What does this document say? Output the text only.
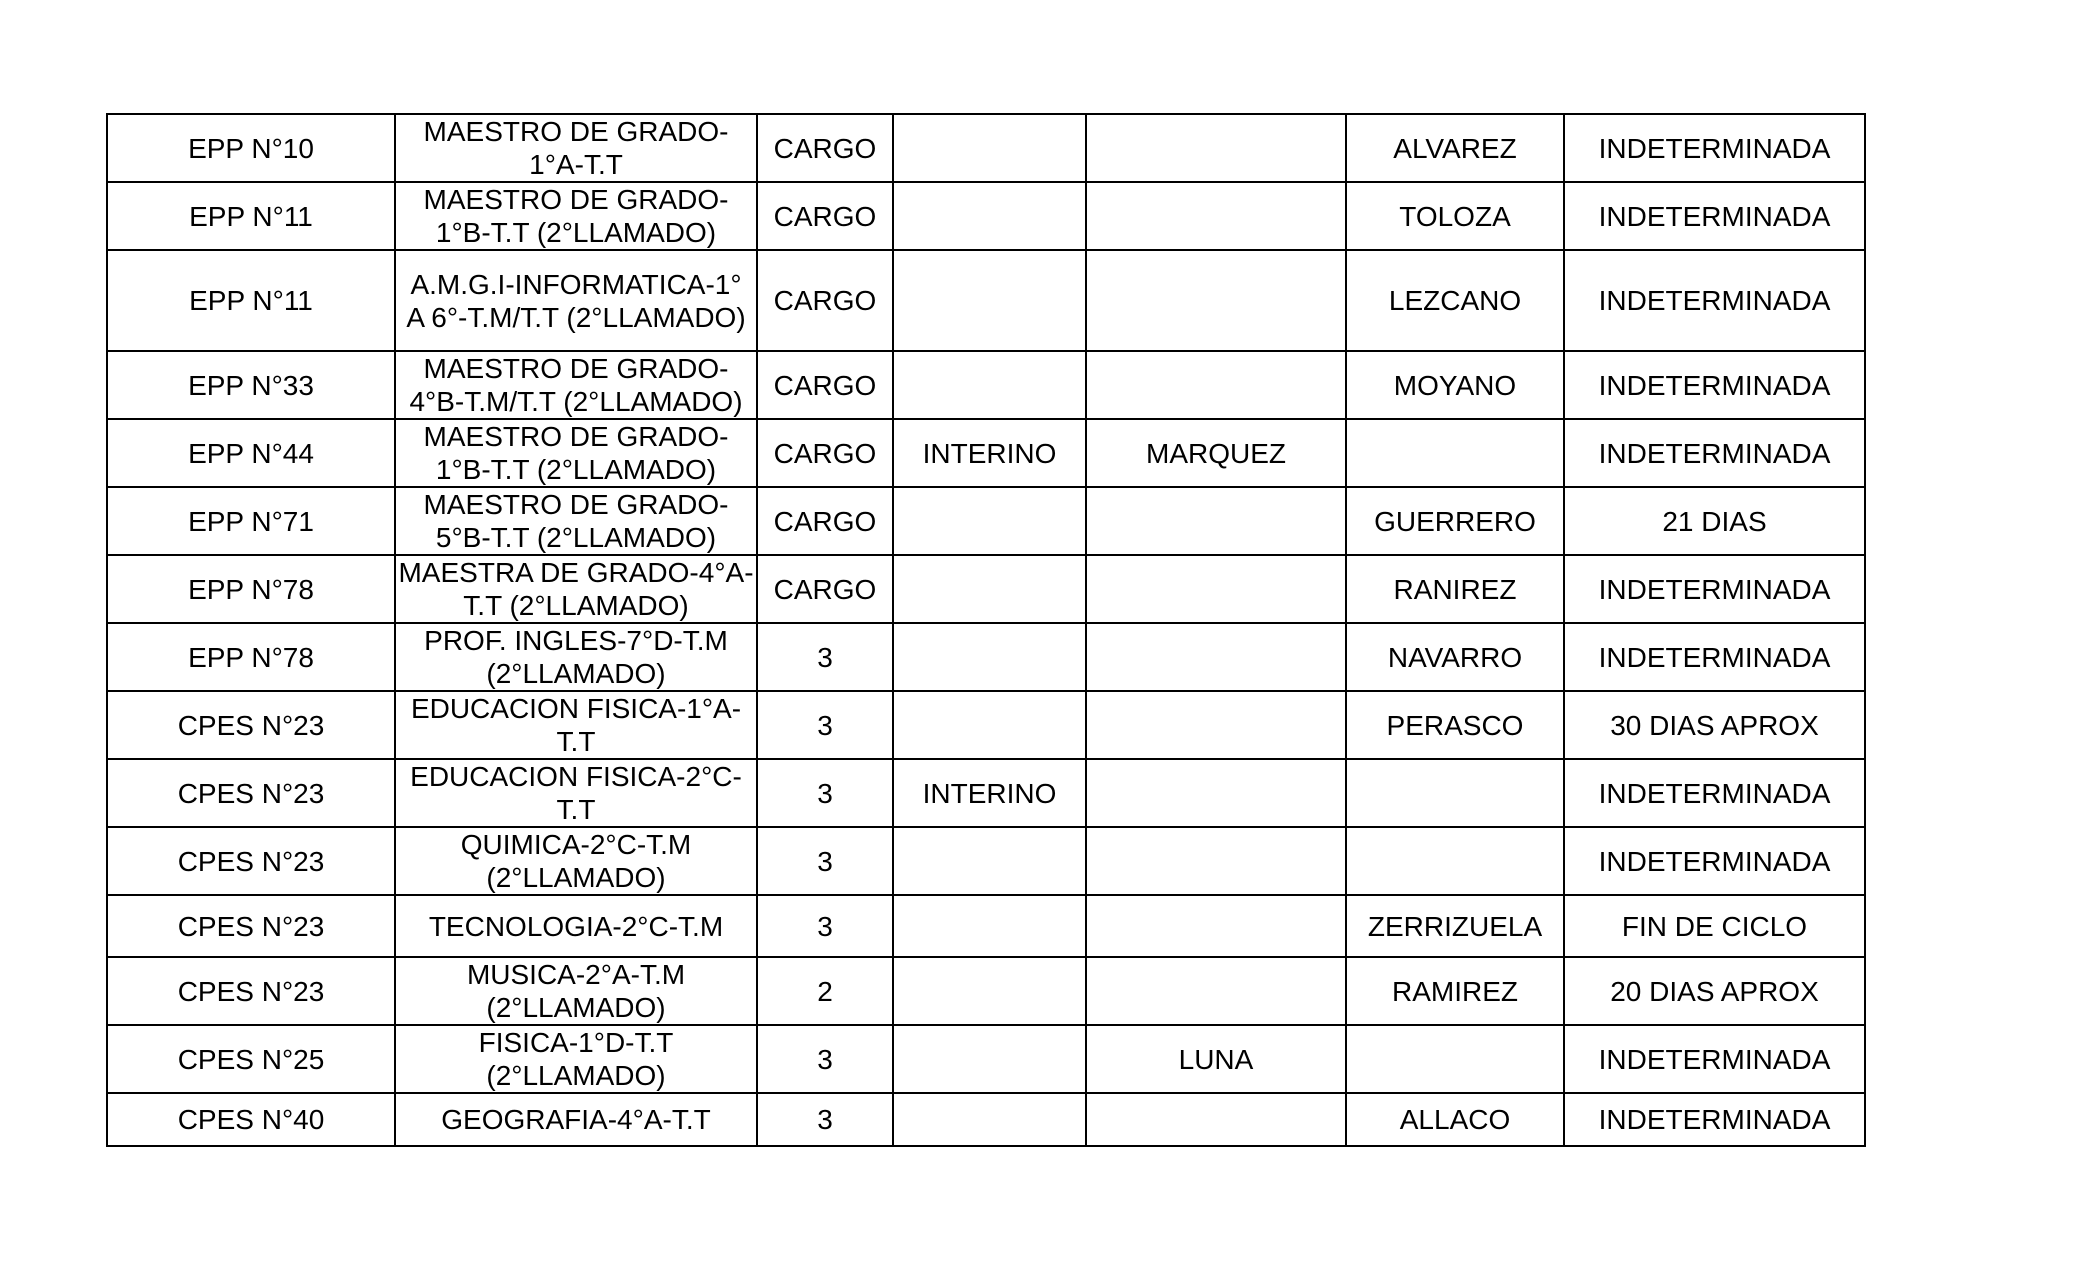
EPP N°10	MAESTRO DE GRADO-1°A-T.T	CARGO			ALVAREZ	INDETERMINADA
EPP N°11	MAESTRO DE GRADO-1°B-T.T (2°LLAMADO)	CARGO			TOLOZA	INDETERMINADA
EPP N°11	A.M.G.I-INFORMATICA-1° A 6°-T.M/T.T (2°LLAMADO)	CARGO			LEZCANO	INDETERMINADA
EPP N°33	MAESTRO DE GRADO-4°B-T.M/T.T (2°LLAMADO)	CARGO			MOYANO	INDETERMINADA
EPP N°44	MAESTRO DE GRADO-1°B-T.T (2°LLAMADO)	CARGO	INTERINO	MARQUEZ		INDETERMINADA
EPP N°71	MAESTRO DE GRADO-5°B-T.T (2°LLAMADO)	CARGO			GUERRERO	21 DIAS
EPP N°78	MAESTRA DE GRADO-4°A-T.T (2°LLAMADO)	CARGO			RANIREZ	INDETERMINADA
EPP N°78	PROF. INGLES-7°D-T.M (2°LLAMADO)	3			NAVARRO	INDETERMINADA
CPES N°23	EDUCACION FISICA-1°A-T.T	3			PERASCO	30 DIAS APROX
CPES N°23	EDUCACION FISICA-2°C-T.T	3	INTERINO			INDETERMINADA
CPES N°23	QUIMICA-2°C-T.M (2°LLAMADO)	3				INDETERMINADA
CPES N°23	TECNOLOGIA-2°C-T.M	3			ZERRIZUELA	FIN DE CICLO
CPES N°23	MUSICA-2°A-T.M (2°LLAMADO)	2			RAMIREZ	20 DIAS APROX
CPES N°25	FISICA-1°D-T.T (2°LLAMADO)	3		LUNA		INDETERMINADA
CPES N°40	GEOGRAFIA-4°A-T.T	3			ALLACO	INDETERMINADA
